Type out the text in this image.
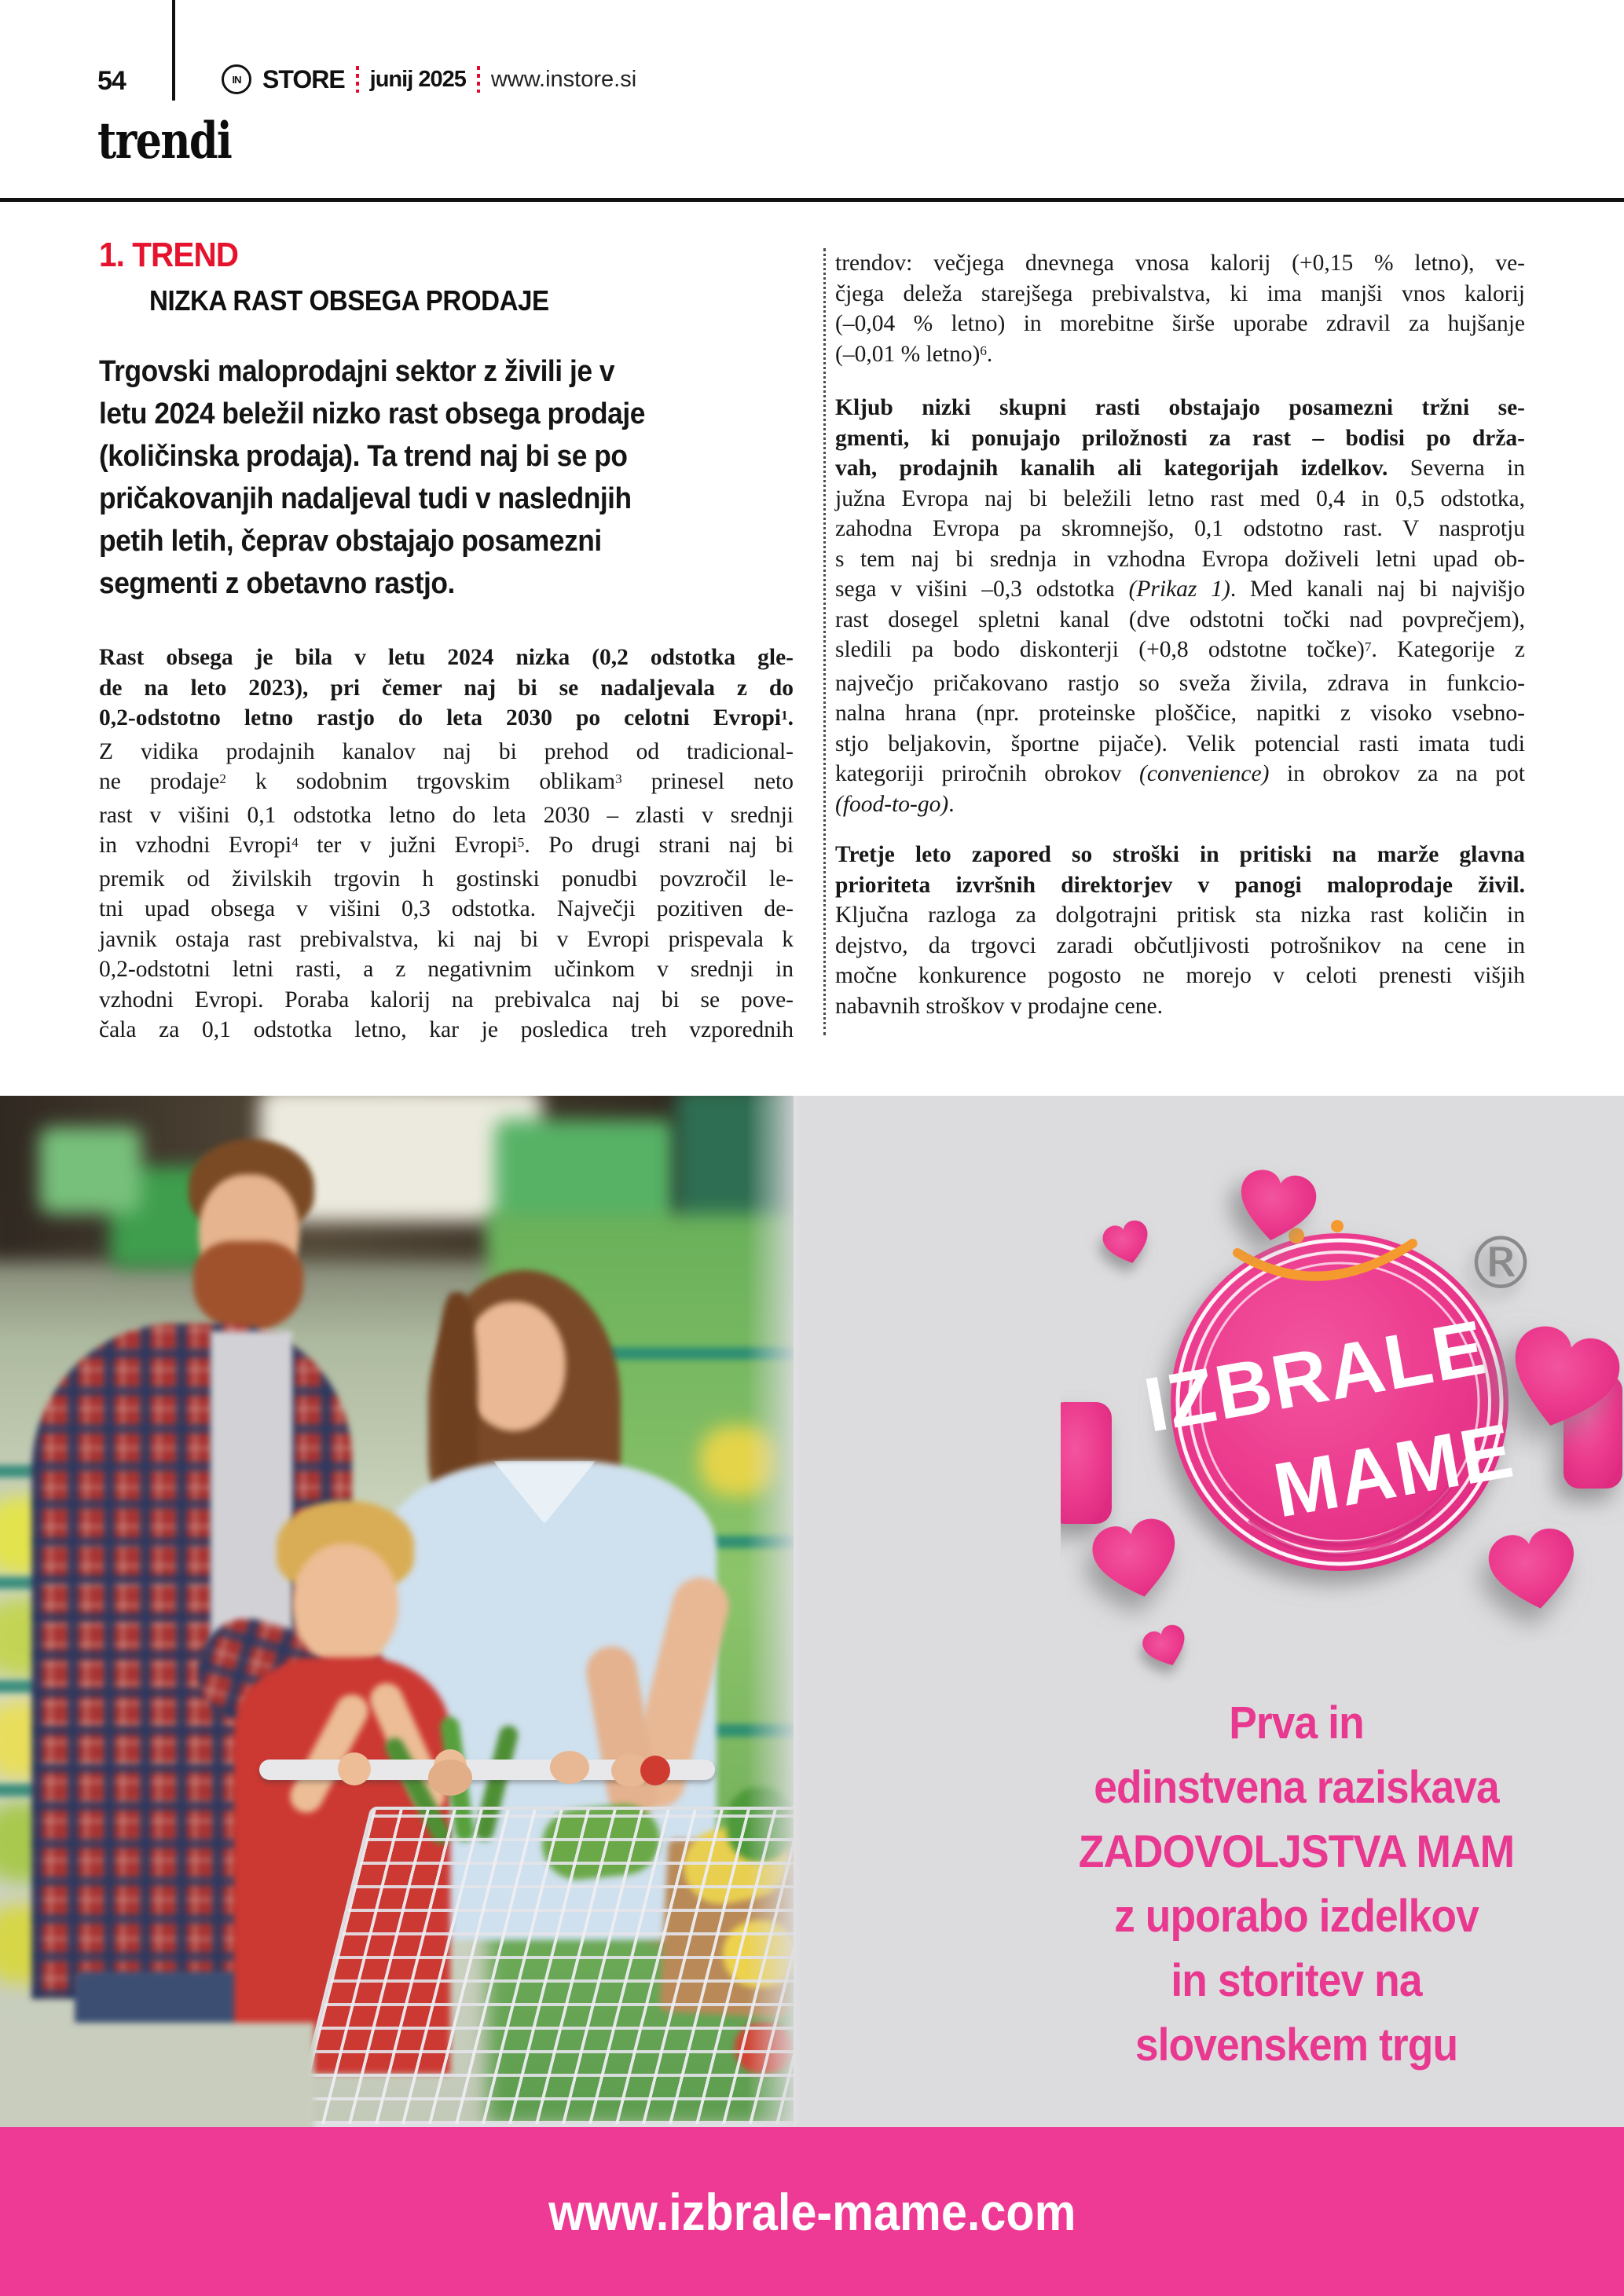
54	IN STORE junij 2025 www.instore.si
trendi
1. TREND
NIZKA RAST OBSEGA PRODAJE
Trgovski maloprodajni sektor z živili je v
letu 2024 beležil nizko rast obsega prodaje
(količinska prodaja). Ta trend naj bi se po
pričakovanjih nadaljeval tudi v naslednjih
petih letih, čeprav obstajajo posamezni
segmenti z obetavno rastjo.
Rast obsega je bila v letu 2024 nizka (0,2 odstotka gle-
de na leto 2023), pri čemer naj bi se nadaljevala z do
0,2-odstotno letno rastjo do leta 2030 po celotni Evropi$^1$.
Z vidika prodajnih kanalov naj bi prehod od tradicional-
ne prodaje$^2$ k sodobnim trgovskim oblikam$^3$ prinesel neto
rast v višini 0,1 odstotka letno do leta 2030 – zlasti v srednji
in vzhodni Evropi$^4$ ter v južni Evropi$^5$. Po drugi strani naj bi
premik od živilskih trgovin h gostinski ponudbi povzročil le-
tni upad obsega v višini 0,3 odstotka. Največji pozitiven de-
javnik ostaja rast prebivalstva, ki naj bi v Evropi prispevala k
0,2-odstotni letni rasti, a z negativnim učinkom v srednji in
vzhodni Evropi. Poraba kalorij na prebivalca naj bi se pove-
čala za 0,1 odstotka letno, kar je posledica treh vzporednih
trendov: večjega dnevnega vnosa kalorij (+0,15 % letno), ve-
čjega deleža starejšega prebivalstva, ki ima manjši vnos kalorij
(–0,04 % letno) in morebitne širše uporabe zdravil za hujšanje
(–0,01 % letno)$^6$.
Kljub nizki skupni rasti obstajajo posamezni tržni se-
gmenti, ki ponujajo priložnosti za rast – bodisi po drža-
vah, prodajnih kanalih ali kategorijah izdelkov. Severna in
južna Evropa naj bi beležili letno rast med 0,4 in 0,5 odstotka,
zahodna Evropa pa skromnejšo, 0,1 odstotno rast. V nasprotju
s tem naj bi srednja in vzhodna Evropa doživeli letni upad ob-
sega v višini –0,3 odstotka (Prikaz 1). Med kanali naj bi najvišjo
rast dosegel spletni kanal (dve odstotni točki nad povprečjem),
sledili pa bodo diskonterji (+0,8 odstotne točke)$^7$. Kategorije z
največjo pričakovano rastjo so sveža živila, zdrava in funkcio-
nalna hrana (npr. proteinske ploščice, napitki z visoko vsebno-
stjo beljakovin, športne pijače). Velik potencial rasti imata tudi
kategoriji priročnih obrokov (convenience) in obrokov za na pot
(food-to-go).
Tretje leto zapored so stroški in pritiski na marže glavna
prioriteta izvršnih direktorjev v panogi maloprodaje živil.
Ključna razloga za dolgotrajni pritisk sta nizka rast količin in
dejstvo, da trgovci zaradi občutljivosti potrošnikov na cene in
močne konkurence pogosto ne morejo v celoti prenesti višjih
nabavnih stroškov v prodajne cene.
IZBRALE
MAME
®
Prva in
edinstvena raziskava
ZADOVOLJSTVA MAM
z uporabo izdelkov
in storitev na
slovenskem trgu
www.izbrale-mame.com
